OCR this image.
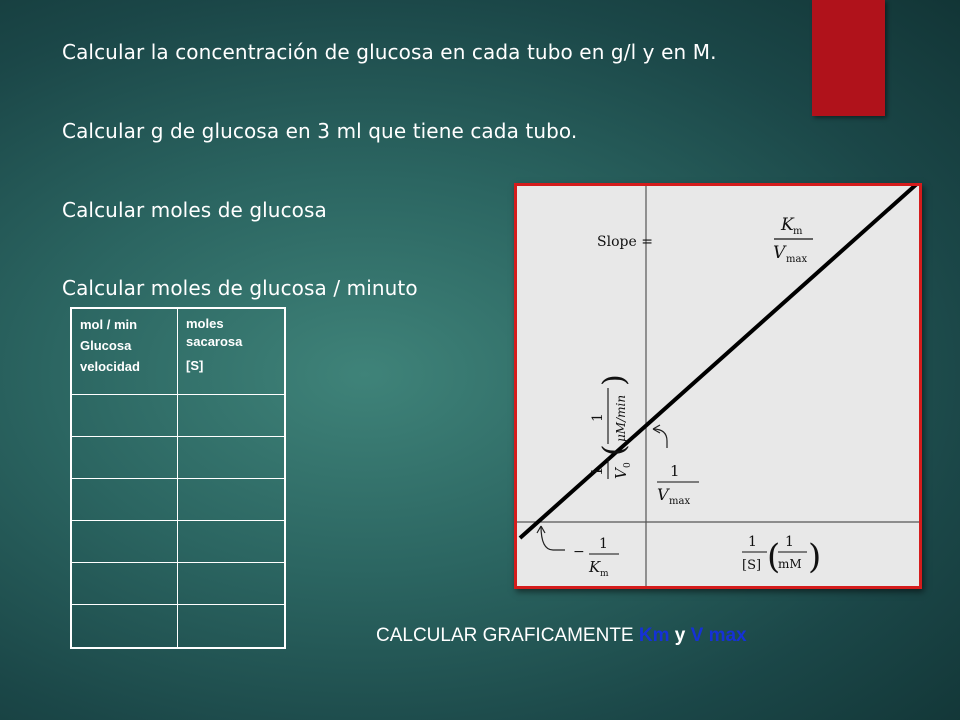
Calcular la concentración de glucosa en cada tubo en g/l y en M.

Calcular g de glucosa en 3 ml que tiene cada tubo.

Calcular moles de glucosa

Calcular moles de glucosa / minuto

mol / min
Glucosa
velocidad
moles
sacarosa
[S]
Slope =
K m
V max
1 V
0
(
1 μM/min
)
1
V max
− 1
K m
1
[S] ( 1
mM )
CALCULAR GRAFICAMENTE Km y V max
